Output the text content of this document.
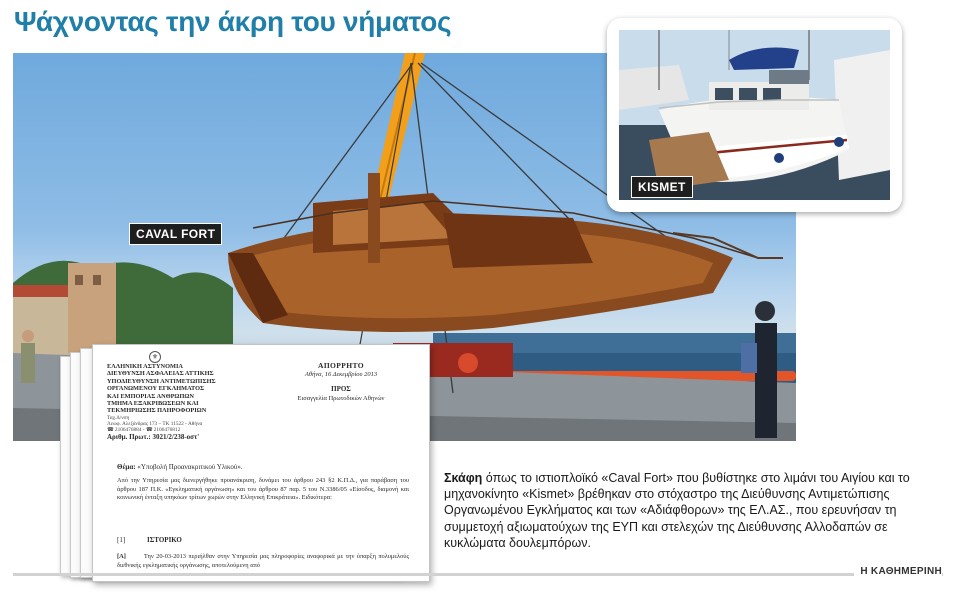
Ψάχνοντας την άκρη του νήματος
CAVAL FORT
KISMET
⚜
ΕΛΛΗΝΙΚΗ ΑΣΤΥΝΟΜΙΑ
ΔΙΕΥΘΥΝΣΗ ΑΣΦΑΛΕΙΑΣ ΑΤΤΙΚΗΣ
ΥΠΟΔΙΕΥΘΥΝΣΗ ΑΝΤΙΜΕΤΩΠΙΣΗΣ
ΟΡΓΑΝΩΜΕΝΟΥ ΕΓΚΛΗΜΑΤΟΣ
ΚΑΙ ΕΜΠΟΡΙΑΣ ΑΝΘΡΩΠΩΝ
ΤΜΗΜΑ ΕΞΑΚΡΙΒΩΣΕΩΝ ΚΑΙ
ΤΕΚΜΗΡΙΩΣΗΣ ΠΛΗΡΟΦΟΡΙΩΝ
Ταχ.Δ/νση
Λεωφ. Αλεξάνδρας 173 – ΤΚ 11522 - Αθήνα
☎ 2106476884 - ☎ 2106476812
Αριθμ. Πρωτ.: 3021/2/238-οστ'
ΑΠΟΡΡΗΤΟ
Αθήνα, 16 Δεκεμβρίου 2013
ΠΡΟΣ
Εισαγγελία Πρωτοδικών Αθηνών
Θέμα: «Υποβολή Προανακριτικού Υλικού».
Από την Υπηρεσία μας διενεργήθηκε προανάκριση, δυνάμει του άρθρου 243 §2 Κ.Π.Δ., για παράβαση του άρθρου 187 Π.Κ. «Εγκληματική οργάνωση» και του άρθρου 87 παρ. 5 του Ν.3386/05 «Είσοδος, διαμονή και κοινωνική ένταξη υπηκόων τρίτων χωρών στην Ελληνική Επικράτεια». Ειδικότερα:
[1]	ΙΣΤΟΡΙΚΟ
[A]	Την 20-03-2013 περιήλθαν στην Υπηρεσία μας πληροφορίες αναφορικά με την ύπαρξη πολυμελούς διεθνικής εγκληματικής οργάνωσης, αποτελούμενη από
Σκάφη όπως το ιστιοπλοϊκό «Caval Fort» που βυθίστηκε στο λιμάνι του Αιγίου και το μηχανοκίνητο «Kismet» βρέθηκαν στο στόχαστρο της Διεύθυνσης Αντιμετώπισης Οργανωμένου Εγκλήματος και των «Αδιάφθορων» της ΕΛ.ΑΣ., που ερευνήσαν τη συμμετοχή αξιωματούχων της ΕΥΠ και στελεχών της Διεύθυνσης Αλλοδαπών σε κυκλώματα δουλεμπόρων.
Η ΚΑΘΗΜΕΡΙΝΗ
